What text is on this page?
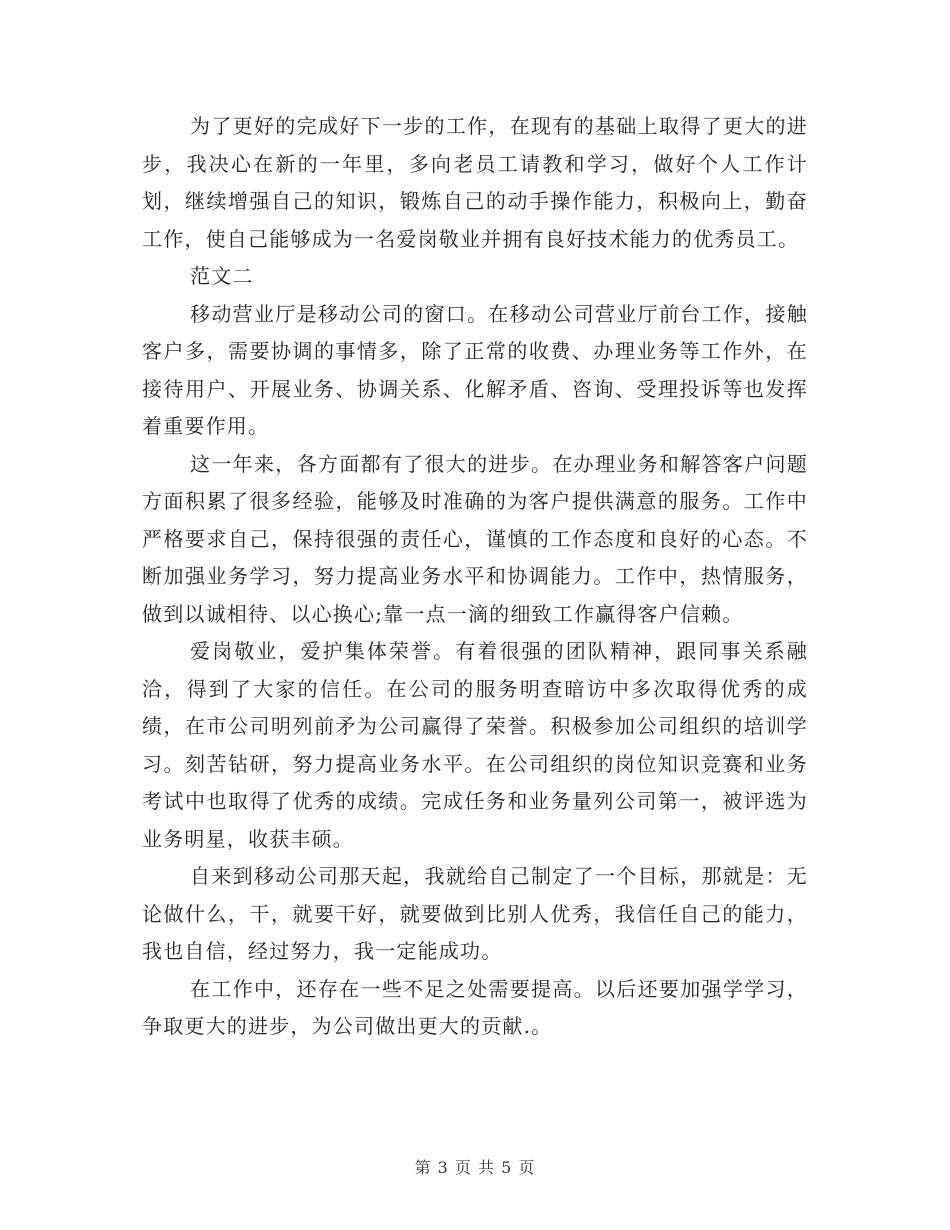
为了更好的完成好下一步的工作，在现有的基础上取得了更大的进步，我决心在新的一年里，多向老员工请教和学习，做好个人工作计划，继续增强自己的知识，锻炼自己的动手操作能力，积极向上，勤奋工作，使自己能够成为一名爱岗敬业并拥有良好技术能力的优秀员工。

范文二

移动营业厅是移动公司的窗口。在移动公司营业厅前台工作，接触客户多，需要协调的事情多，除了正常的收费、办理业务等工作外，在接待用户、开展业务、协调关系、化解矛盾、咨询、受理投诉等也发挥着重要作用。

这一年来，各方面都有了很大的进步。在办理业务和解答客户问题方面积累了很多经验，能够及时准确的为客户提供满意的服务。工作中严格要求自己，保持很强的责任心，谨慎的工作态度和良好的心态。不断加强业务学习，努力提高业务水平和协调能力。工作中，热情服务，做到以诚相待、以心换心;靠一点一滴的细致工作赢得客户信赖。

爱岗敬业，爱护集体荣誉。有着很强的团队精神，跟同事关系融洽，得到了大家的信任。在公司的服务明查暗访中多次取得优秀的成绩，在市公司明列前矛为公司赢得了荣誉。积极参加公司组织的培训学习。刻苦钻研，努力提高业务水平。在公司组织的岗位知识竞赛和业务考试中也取得了优秀的成绩。完成任务和业务量列公司第一，被评选为业务明星，收获丰硕。

自来到移动公司那天起，我就给自己制定了一个目标，那就是：无论做什么，干，就要干好，就要做到比别人优秀，我信任自己的能力，我也自信，经过努力，我一定能成功。

在工作中，还存在一些不足之处需要提高。以后还要加强学学习，争取更大的进步，为公司做出更大的贡献.。

第 3 页 共 5 页
